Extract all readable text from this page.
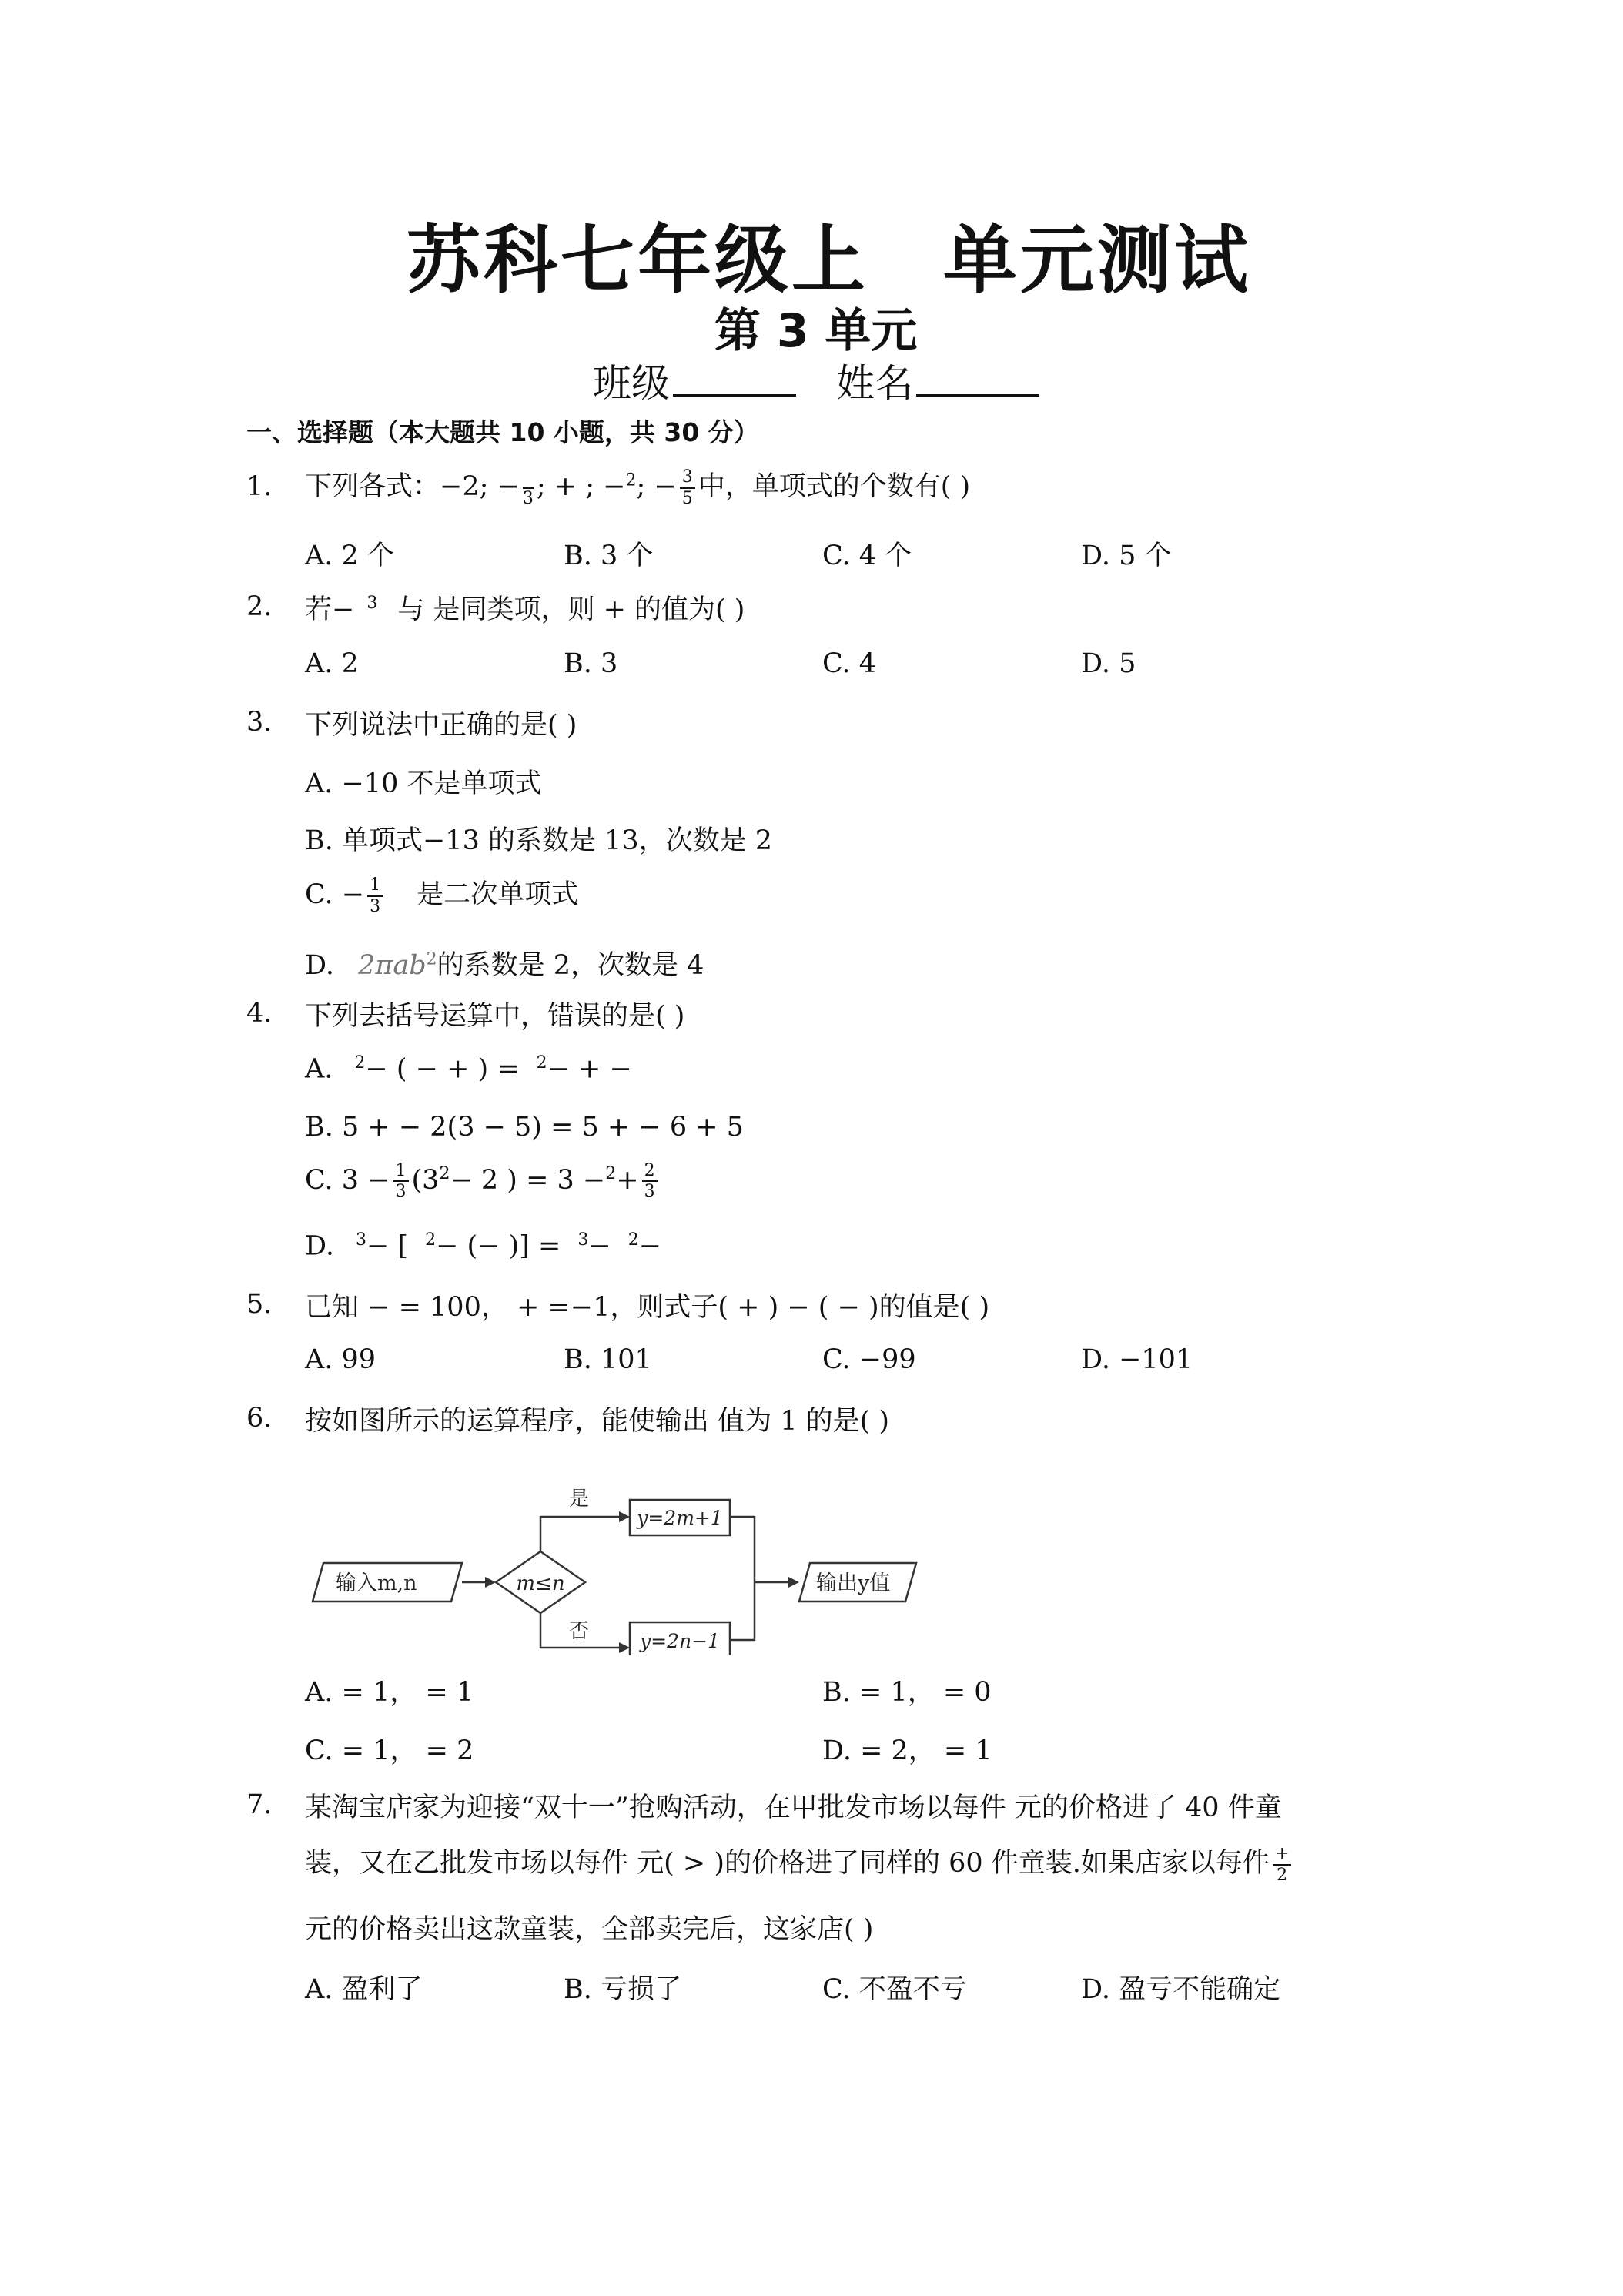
苏科七年级上 单元测试
第 3 单元
班级	姓名
一、选择题（本大题共 10 小题，共 30 分）
1. 下列各式：−2; −
3 ; + ; −$^2$; − $\frac{3}{5}$ 中，单项式的个数有( )
A. 2 个	B. 3 个	C. 4 个	D. 5 个
2. 若− $^3$ 与 是同类项，则 + 的值为( )
A. 2	B. 3	C. 4	D. 5
3. 下列说法中正确的是( )
A. −10 不是单项式
B. 单项式−13 的系数是 13，次数是 2
C. − $\frac{1}{3}$ 是二次单项式
D. 2πab$^2$的系数是 2，次数是 4
4. 下列去括号运算中，错误的是( )
A. $^2$− ( − + ) = $^2$− + −
B. 5 + − 2(3 − 5) = 5 + − 6 + 5
C. $3 - \frac{1}{3} (3^2- 2$ ) = $3 -^2+ \frac{2}{3}$
D. $^3$− [ $^2$− (− )] = $^3$− $^2$−
5. 已知 − = 100， + =−1，则式子( + ) − ( − )的值是( )
A. 99	B. 101	C. −99	D. −101
6. 按如图所示的运算程序，能使输出 值为 1 的是( )
输入m,n	m≤n
是
y=2m+1
否	y=2n−1
输出y值
A. = 1， = 1	B. = 1， = 0
C. = 1， = 2	D. = 2， = 1
7. 某淘宝店家为迎接“双十一”抢购活动，在甲批发市场以每件 元的价格进了 40 件童
装，又在乙批发市场以每件 元( > )的价格进了同样的 60 件童装.如果店家以每件 $\frac{+}{2}$
元的价格卖出这款童装，全部卖完后，这家店( )
A. 盈利了	B. 亏损了	C. 不盈不亏	D. 盈亏不能确定
